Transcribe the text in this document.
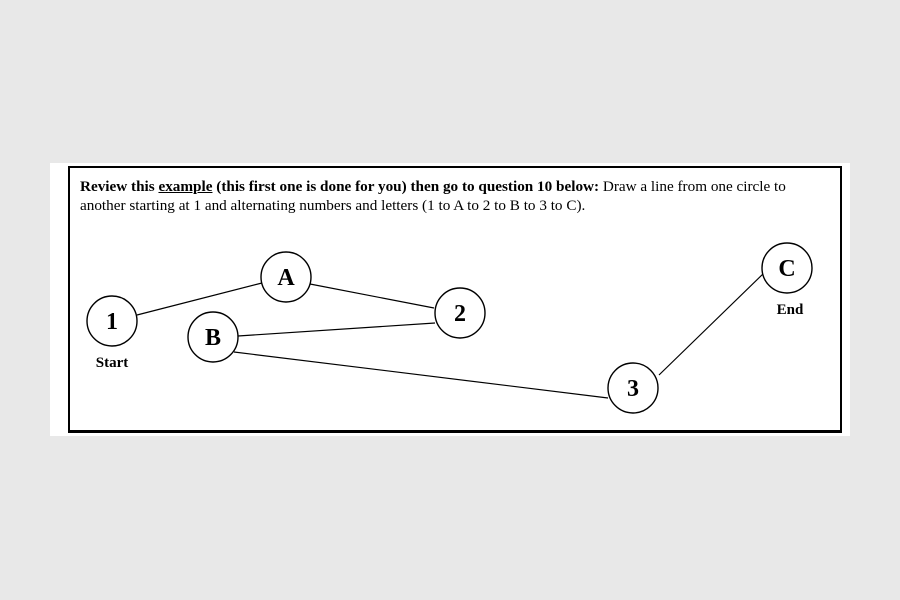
Review this example (this first one is done for you) then go to question 10 below: Draw a line from one circle to another starting at 1 and alternating numbers and letters (1 to A to 2 to B to 3 to C).

1
A
2
B
3
C
Start
End
